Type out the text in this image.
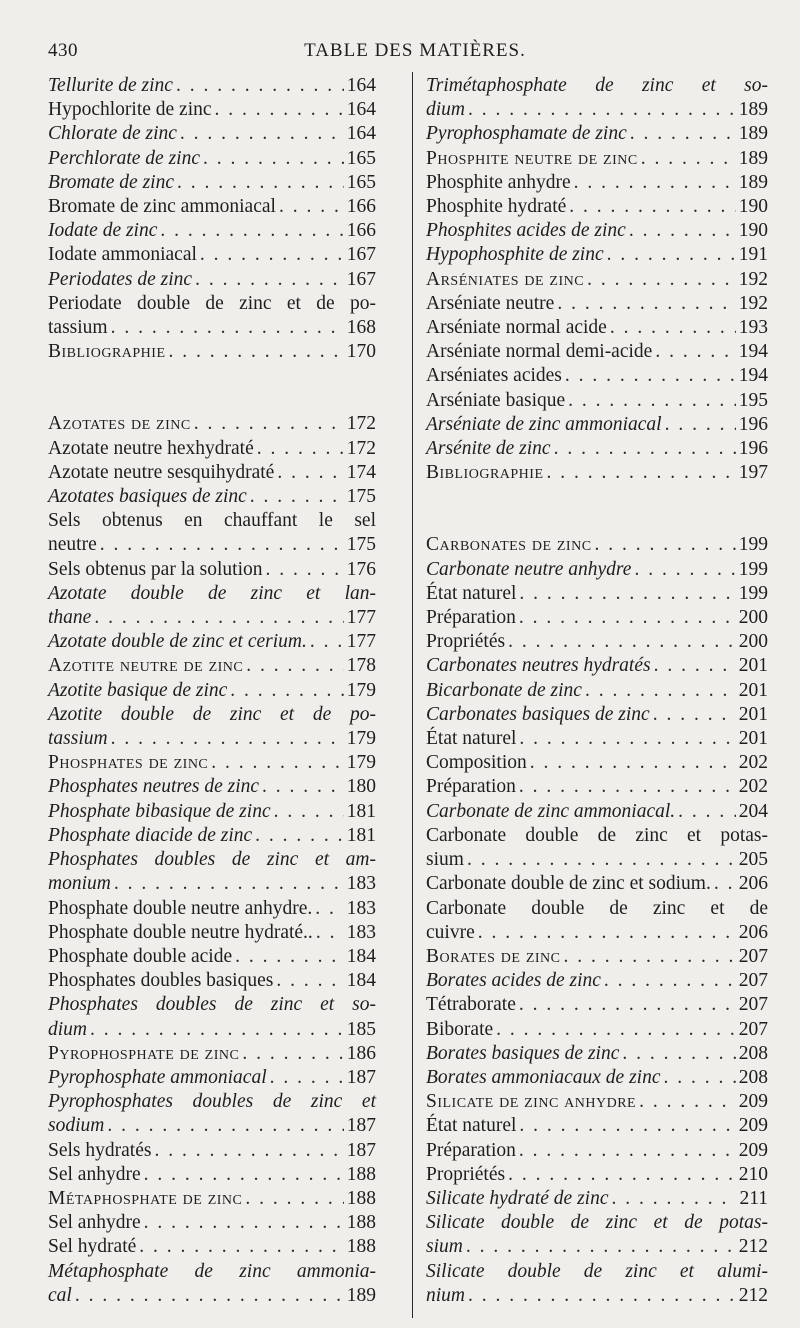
430	TABLE DES MATIÈRES.
Tellurite de zinc . . .	164
Hypochlorite de zinc . . .	164
Chlorate de zinc . . .	164
Perchlorate de zinc . . .	165
Bromate de zinc . . .	165
Bromate de zinc ammoniacal . . .	166
Iodate de zinc . . .	166
Iodate ammoniacal . . .	167
Periodates de zinc . . .	167
Periodate double de zinc et de po-
tassium . . .	168
Bibliographie . . .	170
Azotates de zinc . . .	172
Azotate neutre hexhydraté . . .	172
Azotate neutre sesquihydraté . . .	174
Azotates basiques de zinc . . .	175
Sels obtenus en chauffant le sel
neutre . . .	175
Sels obtenus par la solution . . .	176
Azotate double de zinc et lan-
thane . . .	177
Azotate double de zinc et cerium. . . . 177
Azotite neutre de zinc . . .	178
Azotite basique de zinc . . .	179
Azotite double de zinc et de po-
tassium . . .	179
Phosphates de zinc . . .	179
Phosphates neutres de zinc . . .	180
Phosphate bibasique de zinc . . .	181
Phosphate diacide de zinc . . .	181
Phosphates doubles de zinc et am-
monium . . .	183
Phosphate double neutre anhydre. . . . 183
Phosphate double neutre hydraté.. . . . 183
Phosphate double acide . . .	184
Phosphates doubles basiques . . .	184
Phosphates doubles de zinc et so-
dium . . .	185
Pyrophosphate de zinc . . .	186
Pyrophosphate ammoniacal . . .	187
Pyrophosphates doubles de zinc et
sodium . . .	187
Sels hydratés . . .	187
Sel anhydre . . .	188
Métaphosphate de zinc . . .	188
Sel anhydre . . .	188
Sel hydraté . . .	188
Métaphosphate de zinc ammonia-
cal . . .	189
Trimétaphosphate de zinc et so-
dium . . .	189
Pyrophosphamate de zinc . . .	189
Phosphite neutre de zinc . . .	189
Phosphite anhydre . . .	189
Phosphite hydraté . . .	190
Phosphites acides de zinc . . .	190
Hypophosphite de zinc . . .	191
Arséniates de zinc . . .	192
Arséniate neutre . . .	192
Arséniate normal acide . . .	193
Arséniate normal demi-acide . . .	194
Arséniates acides . . .	194
Arséniate basique . . .	195
Arséniate de zinc ammoniacal . . .	196
Arsénite de zinc . . .	196
Bibliographie . . .	197
Carbonates de zinc . . .	199
Carbonate neutre anhydre . . .	199
État naturel . . .	199
Préparation . . .	200
Propriétés . . .	200
Carbonates neutres hydratés . . .	201
Bicarbonate de zinc . . .	201
Carbonates basiques de zinc . . .	201
État naturel . . .	201
Composition . . .	202
Préparation . . .	202
Carbonate de zinc ammoniacal. . . .	204
Carbonate double de zinc et potas-
sium . . .	205
Carbonate double de zinc et sodium. . . . 206
Carbonate double de zinc et de
cuivre . . .	206
Borates de zinc . . .	207
Borates acides de zinc . . .	207
Tétraborate . . .	207
Biborate . . .	207
Borates basiques de zinc . . .	208
Borates ammoniacaux de zinc . . .	208
Silicate de zinc anhydre . . .	209
État naturel . . .	209
Préparation . . .	209
Propriétés . . .	210
Silicate hydraté de zinc . . .	211
Silicate double de zinc et de potas-
sium . . .	212
Silicate double de zinc et alumi-
nium . . .	212
